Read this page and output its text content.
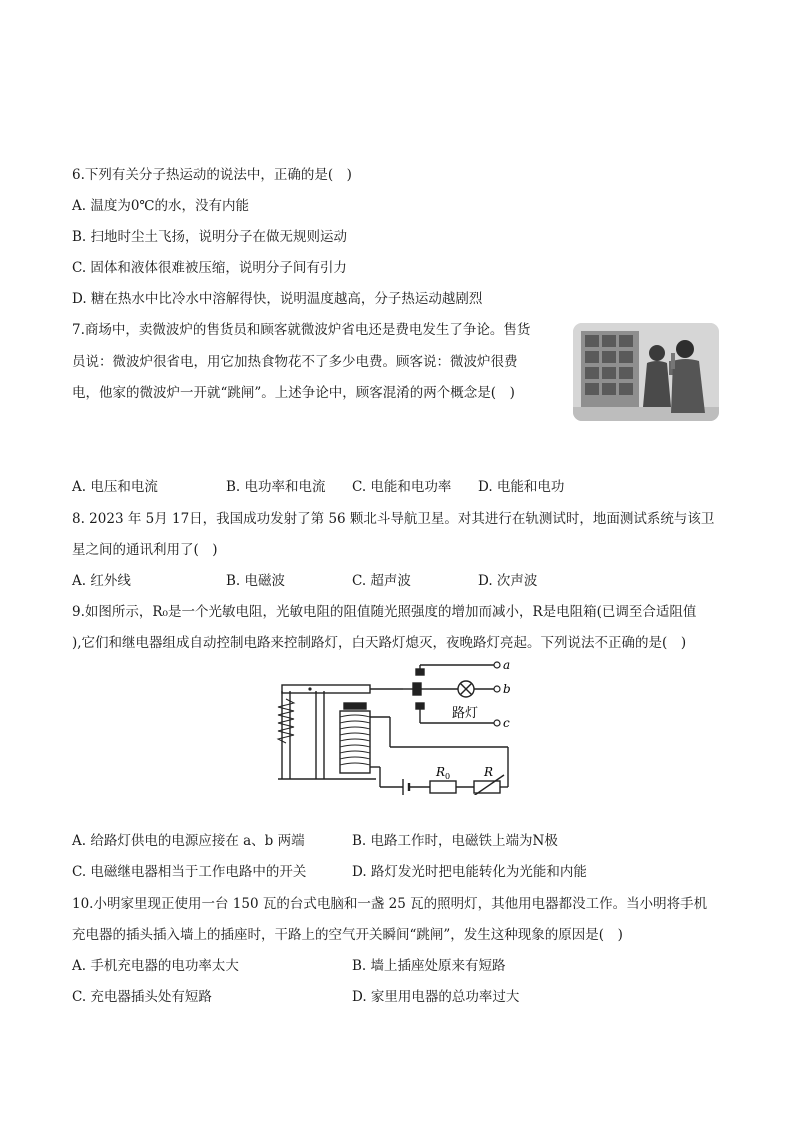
6.下列有关分子热运动的说法中，正确的是(　)
A. 温度为0℃的水，没有内能
B. 扫地时尘土飞扬，说明分子在做无规则运动
C. 固体和液体很难被压缩，说明分子间有引力
D. 糖在热水中比冷水中溶解得快，说明温度越高，分子热运动越剧烈
7.商场中，卖微波炉的售货员和顾客就微波炉省电还是费电发生了争论。售货
员说：微波炉很省电，用它加热食物花不了多少电费。顾客说：微波炉很费
电，他家的微波炉一开就“跳闸”。上述争论中，顾客混淆的两个概念是(　)
A. 电压和电流	B. 电功率和电流 C. 电能和电功率 D. 电能和电功
8. 2023 年 5月 17日，我国成功发射了第 56 颗北斗导航卫星。对其进行在轨测试时，地面测试系统与该卫
星之间的通讯利用了(　)
A. 红外线	B. 电磁波	C. 超声波	D. 次声波
9.如图所示，R₀是一个光敏电阻，光敏电阻的阻值随光照强度的增加而减小，R是电阻箱(已调至合适阻值
),它们和继电器组成自动控制电路来控制路灯，白天路灯熄灭，夜晚路灯亮起。下列说法不正确的是(　)
a
b
c
路灯
R 0	R
A. 给路灯供电的电源应接在 a、b 两端	B. 电路工作时，电磁铁上端为N极
C. 电磁继电器相当于工作电路中的开关	D. 路灯发光时把电能转化为光能和内能
10.小明家里现正使用一台 150 瓦的台式电脑和一盏 25 瓦的照明灯，其他用电器都没工作。当小明将手机
充电器的插头插入墙上的插座时，干路上的空气开关瞬间“跳闸”，发生这种现象的原因是(　)
A. 手机充电器的电功率太大	B. 墙上插座处原来有短路
C. 充电器插头处有短路	D. 家里用电器的总功率过大
